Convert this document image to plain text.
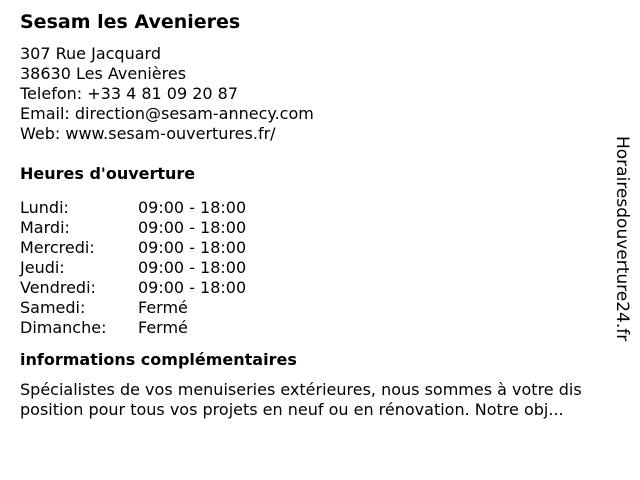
Sesam les Avenieres
307 Rue Jacquard
38630 Les Avenières
Telefon: +33 4 81 09 20 87
Email: direction@sesam-annecy.com
Web: www.sesam-ouvertures.fr/
Heures d'ouverture
Lundi:	09:00 - 18:00
Mardi:	09:00 - 18:00
Mercredi:	09:00 - 18:00
Jeudi:	09:00 - 18:00
Vendredi:	09:00 - 18:00
Samedi:	Fermé
Dimanche:	Fermé
informations complémentaires
Spécialistes de vos menuiseries extérieures, nous sommes à votre dis
position pour tous vos projets en neuf ou en rénovation. Notre obj...
Horairesdouverture24.fr
